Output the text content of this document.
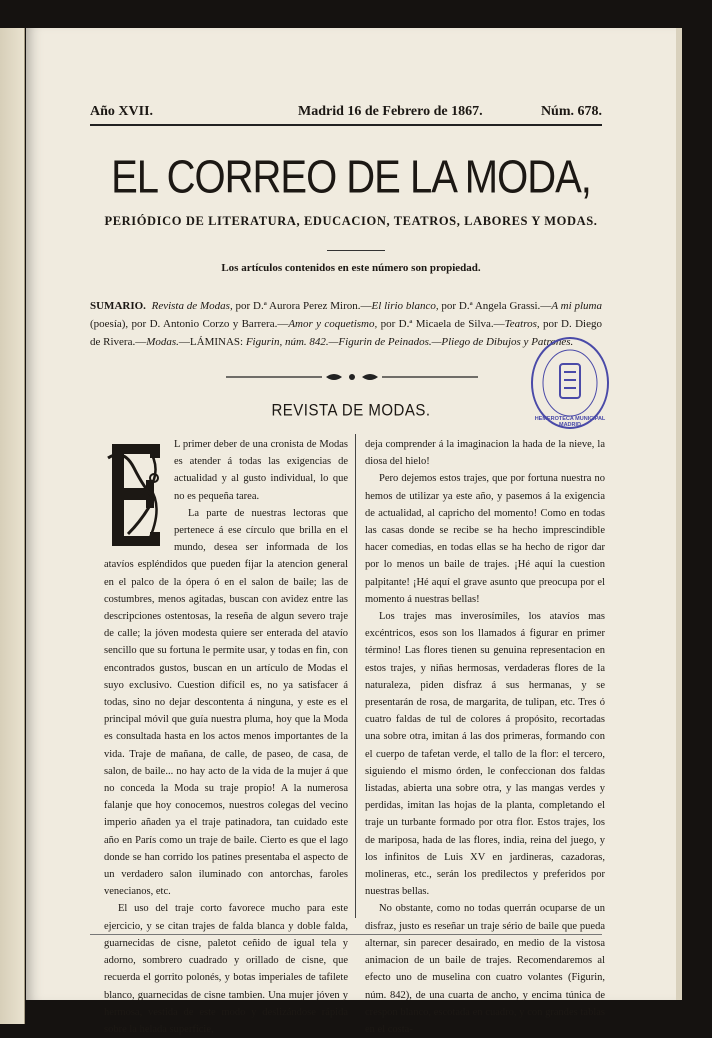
Año XVII.	Madrid 16 de Febrero de 1867.	Núm. 678.
EL CORREO DE LA MODA,
PERIÓDICO DE LITERATURA, EDUCACION, TEATROS, LABORES Y MODAS.
Los artículos contenidos en este número son propiedad.
SUMARIO. Revista de Modas, por D.ª Aurora Perez Miron.—El lirio blanco, por D.ª Angela Grassi.—A mi pluma (poesía), por D. Antonio Corzo y Barrera.—Amor y coquetismo, por D.ª Micaela de Silva.—Teatros, por D. Diego de Rivera.—Modas.—LÁMINAS: Figurin, núm. 842.—Figurin de Peinados.—Pliego de Dibujos y Patrones.
HEMEROTECA MUNICIPAL MADRID
REVISTA DE MODAS.

L primer deber de una cronista de Modas es atender á todas las exigencias de actualidad y al gusto individual, lo que no es pequeña tarea.

La parte de nuestras lectoras que pertenece á ese círculo que brilla en el mundo, desea ser informada de los atavíos espléndidos que pueden fijar la atencion general en el palco de la ópera ó en el salon de baile; las de costumbres, menos agitadas, buscan con avidez entre las descripciones ostentosas, la reseña de algun severo traje de calle; la jóven modesta quiere ser enterada del atavío sencillo que su fortuna le permite usar, y todas en fin, con encontrados gustos, buscan en un artículo de Modas el suyo exclusivo. Cuestion difícil es, no ya satisfacer á todas, sino no dejar descontenta á ninguna, y este es el principal móvil que guía nuestra pluma, hoy que la Moda es consultada hasta en los actos menos importantes de la vida. Traje de mañana, de calle, de paseo, de casa, de salon, de baile... no hay acto de la vida de la mujer á que no conceda la Moda su traje propio! A la numerosa falanje que hoy conocemos, nuestros colegas del vecino imperio añaden ya el traje patinadora, tan cuidado este año en París como un traje de baile. Cierto es que el lago donde se han corrido los patines presentaba el aspecto de un verdadero salon iluminado con antorchas, faroles venecianos, etc.

El uso del traje corto favorece mucho para este ejercicio, y se citan trajes de falda blanca y doble falda, guarnecidas de cisne, paletot ceñido de igual tela y adorno, sombrero cuadrado y orillado de cisne, que recuerda el gorrito polonés, y botas imperiales de tafilete blanco, guarnecidas de cisne tambien. Una mujer jóven y hermosa, vestida de este modo y deslizándose rápida sobre la helada superficie,

deja comprender á la imaginacion la hada de la nieve, la diosa del hielo!

Pero dejemos estos trajes, que por fortuna nuestra no hemos de utilizar ya este año, y pasemos á la exigencia de actualidad, al capricho del momento! Como en todas las casas donde se recibe se ha hecho imprescindible hacer comedias, en todas ellas se ha hecho de rigor dar por lo menos un baile de trajes. ¡Hé aquí la cuestion palpitante! ¡Hé aquí el grave asunto que preocupa por el momento á nuestras bellas!

Los trajes mas inverosímiles, los atavíos mas excéntricos, esos son los llamados á figurar en primer término! Las flores tienen su genuina representacion en estos trajes, y niñas hermosas, verdaderas flores de la naturaleza, piden disfraz á sus hermanas, y se presentarán de rosa, de margarita, de tulipan, etc. Tres ó cuatro faldas de tul de colores á propósito, recortadas una sobre otra, imitan á las dos primeras, formando con el cuerpo de tafetan verde, el tallo de la flor: el tercero, siguiendo el mismo órden, le confeccionan dos faldas listadas, abierta una sobre otra, y las mangas verdes y perdidas, imitan las hojas de la planta, completando el traje un turbante formado por otra flor. Estos trajes, los de mariposa, hada de las flores, india, reina del juego, y los infinitos de Luis XV en jardineras, cazadoras, molineras, etc., serán los predilectos y preferidos por nuestras bellas.

No obstante, como no todas querrán ocuparse de un disfraz, justo es reseñar un traje sério de baile que pueda alternar, sin parecer desairado, en medio de la vistosa animacion de un baile de trajes. Recomendaremos al efecto uno de muselina con cuatro volantes (Figurin, núm. 842), de una cuarta de ancho, y encima túnica de crespon blanco, escotada en cuadro, y con grandes tablas en el costa-
